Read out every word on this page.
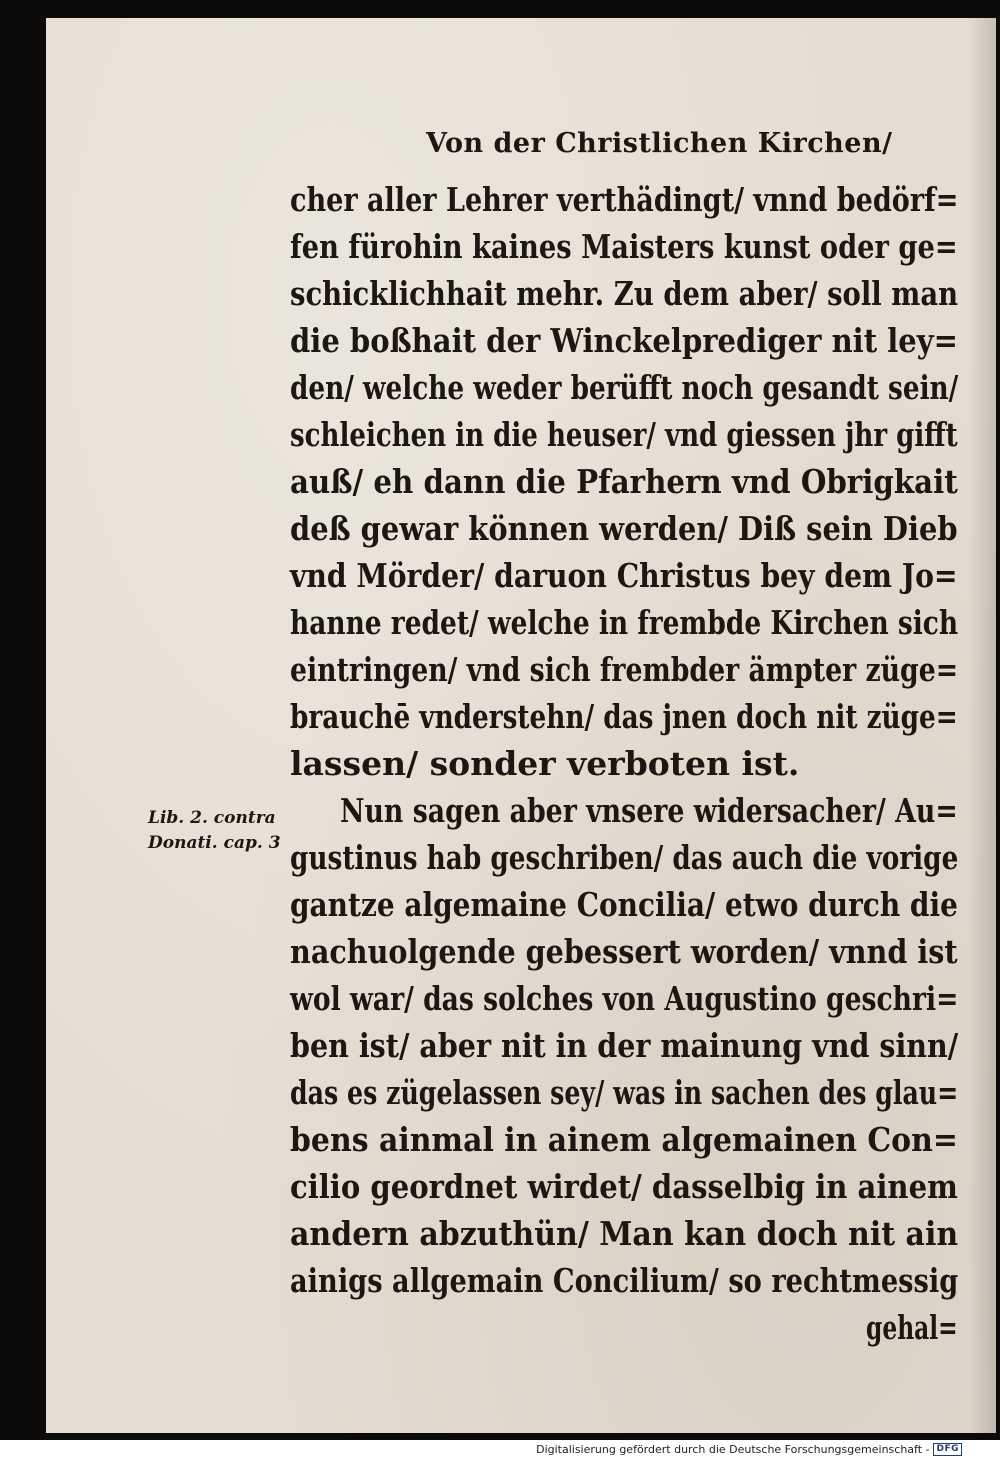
Von der Christlichen Kirchen/
cher aller Lehrer verthädingt/ vnnd bedörf=
fen fürohin kaines Maisters kunst oder ge=
schicklichhait mehr. Zu dem aber/ soll man
die boßhait der Winckelprediger nit ley=
den/ welche weder berüfft noch gesandt sein/
schleichen in die heuser/ vnd giessen jhr gifft
auß/ eh dann die Pfarhern vnd Obrigkait
deß gewar können werden/ Diß sein Dieb
vnd Mörder/ daruon Christus bey dem Jo=
hanne redet/ welche in frembde Kirchen sich
eintringen/ vnd sich frembder ämpter züge=
brauchē vnderstehn/ das jnen doch nit züge=
lassen/ sonder verboten ist.
Nun sagen aber vnsere widersacher/ Au=
gustinus hab geschriben/ das auch die vorige
gantze algemaine Concilia/ etwo durch die
nachuolgende gebessert worden/ vnnd ist
wol war/ das solches von Augustino geschri=
ben ist/ aber nit in der mainung vnd sinn/
das es zügelassen sey/ was in sachen des glau=
bens ainmal in ainem algemainen Con=
cilio geordnet wirdet/ dasselbig in ainem
andern abzuthün/ Man kan doch nit ain
ainigs allgemain Concilium/ so rechtmessig
gehal=
Lib. 2. contra
Donati. cap. 3
Digitalisierung gefördert durch die Deutsche Forschungsgemeinschaft - DFG
